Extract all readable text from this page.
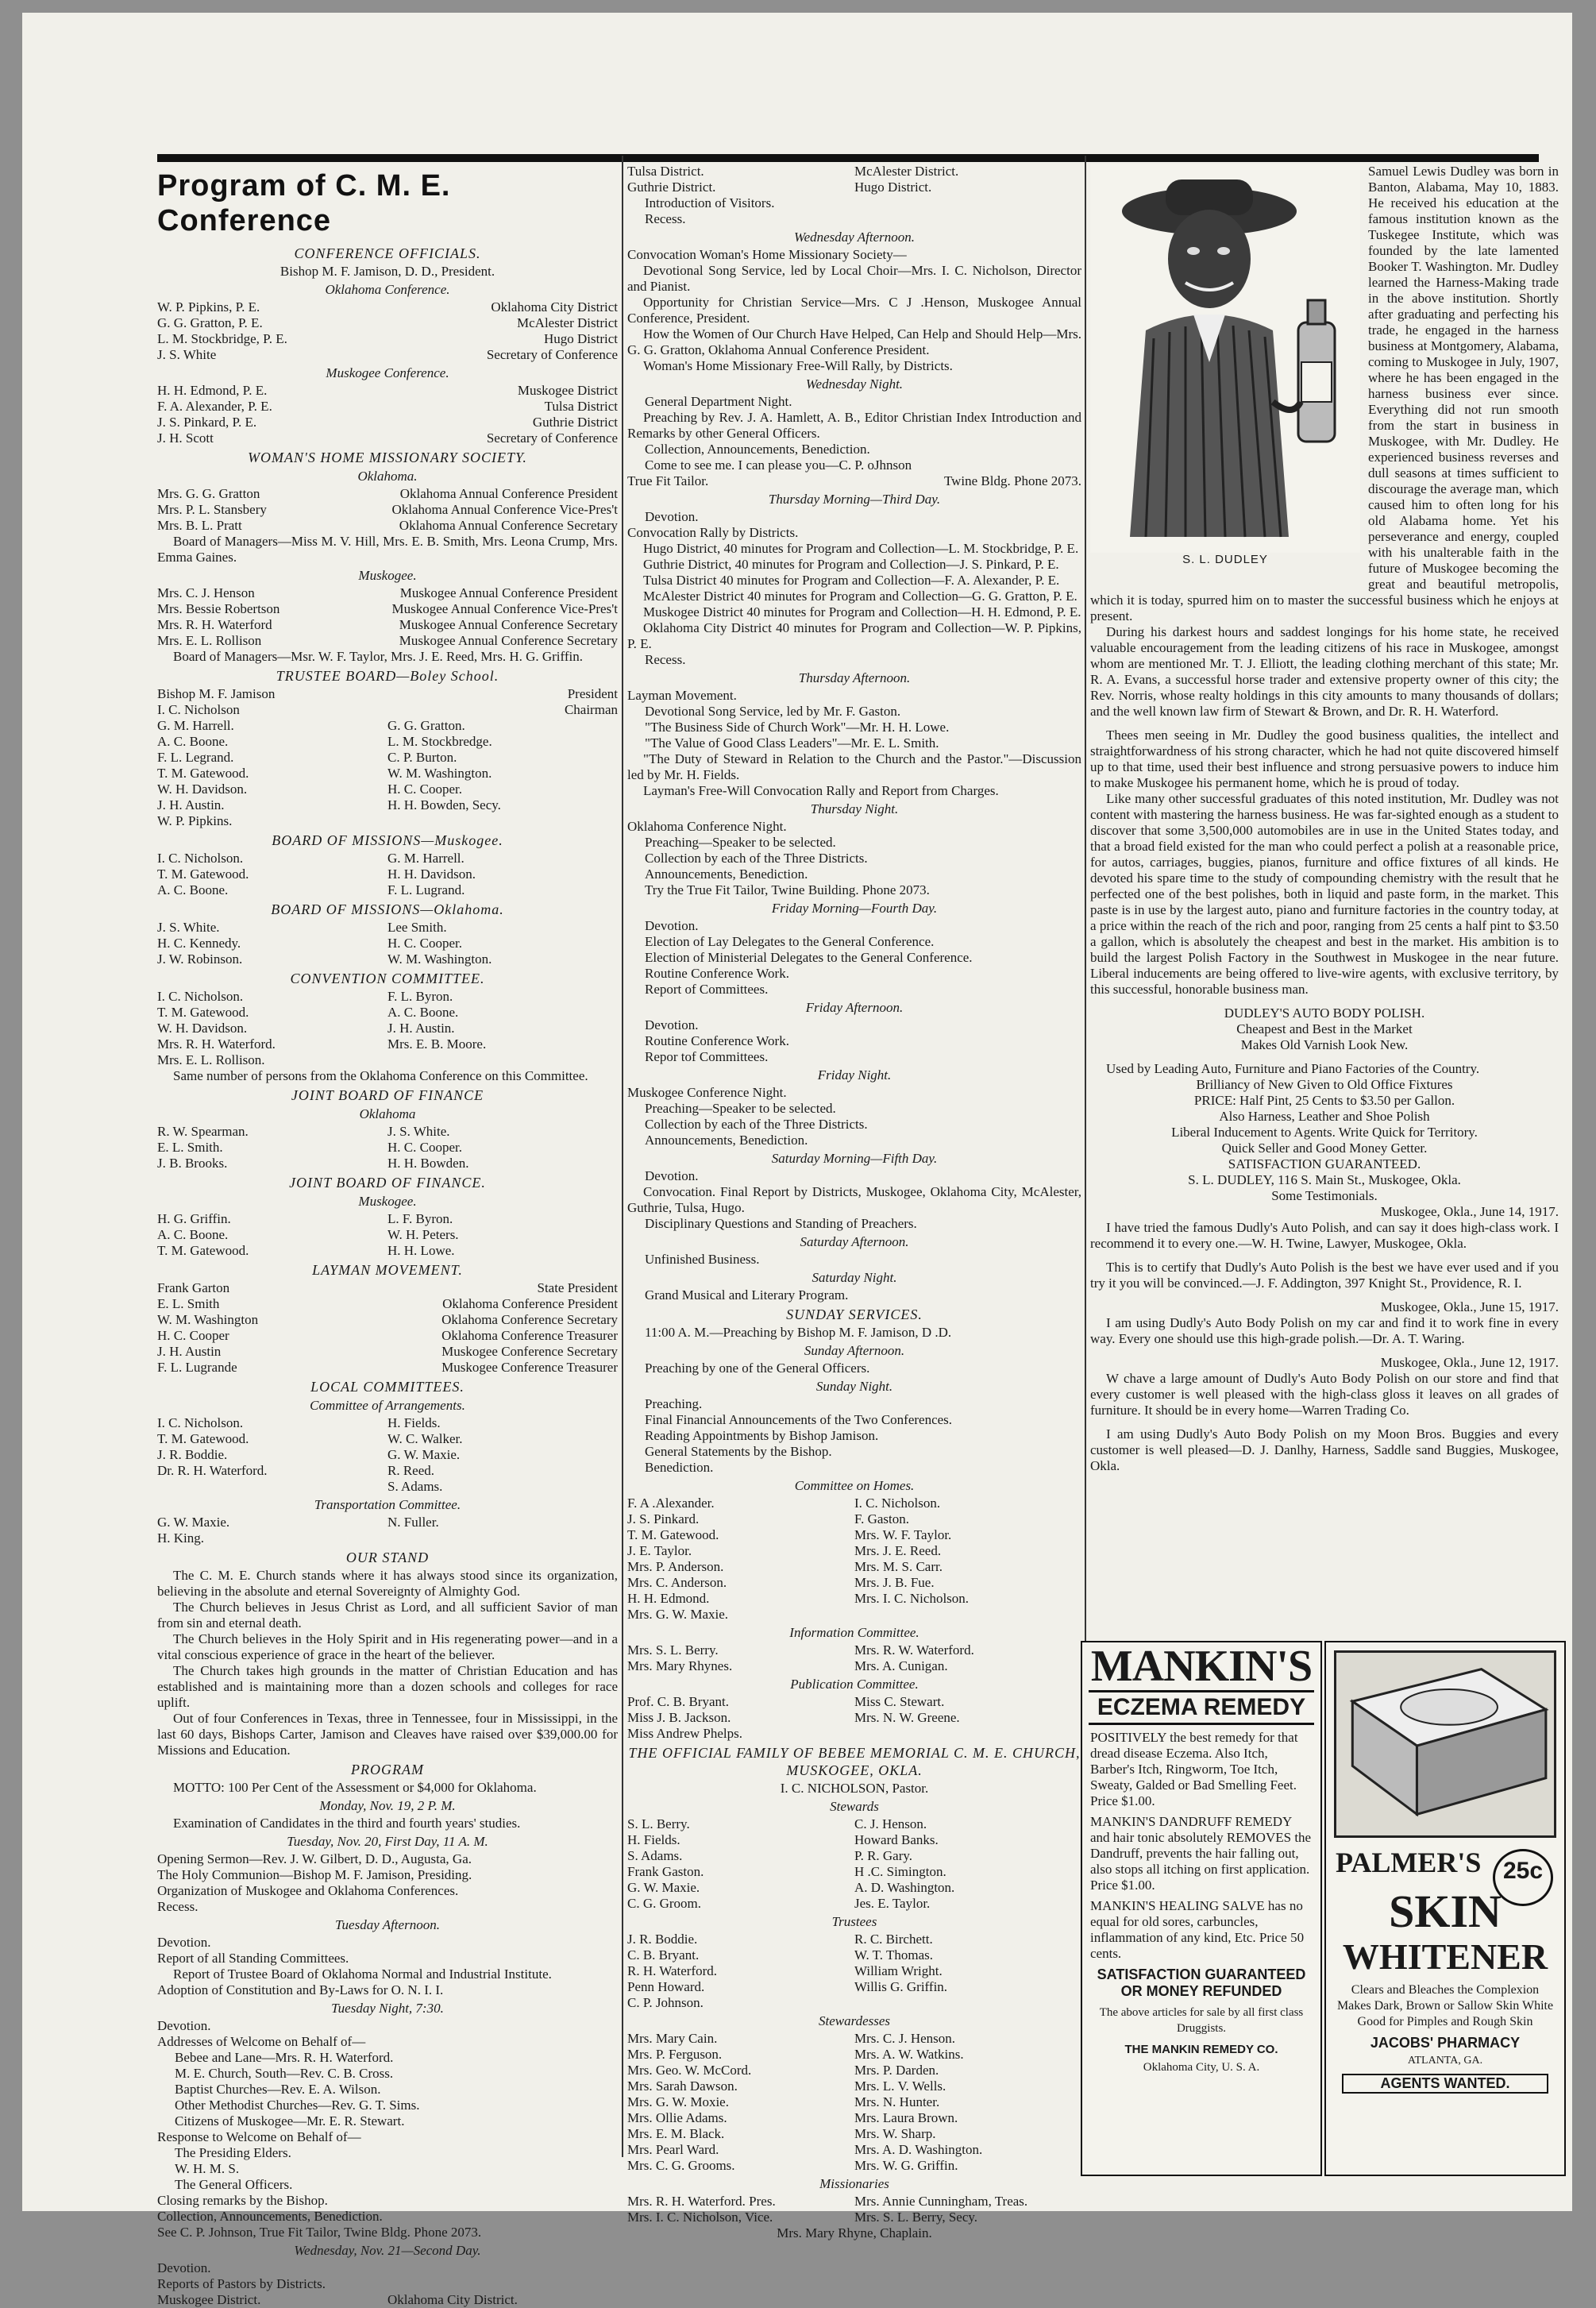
Program of C. M. E. Conference

CONFERENCE OFFICIALS.

Bishop M. F. Jamison, D. D., President.

Oklahoma Conference.

W. P. Pipkins, P. E.	Oklahoma City District
G. G. Gratton, P. E.	McAlester District
L. M. Stockbridge, P. E.	Hugo District
J. S. White	Secretary of Conference

Muskogee Conference.

H. H. Edmond, P. E.	Muskogee District
F. A. Alexander, P. E.	Tulsa District
J. S. Pinkard, P. E.	Guthrie District
J. H. Scott	Secretary of Conference

WOMAN'S HOME MISSIONARY SOCIETY.

Oklahoma.

Mrs. G. G. Gratton	Oklahoma Annual Conference President
Mrs. P. L. Stansbery	Oklahoma Annual Conference Vice-Pres't
Mrs. B. L. Pratt	Oklahoma Annual Conference Secretary

Board of Managers—Miss M. V. Hill, Mrs. E. B. Smith, Mrs. Leona Crump, Mrs. Emma Gaines.

Muskogee.

Mrs. C. J. Henson	Muskogee Annual Conference President
Mrs. Bessie Robertson	Muskogee Annual Conference Vice-Pres't
Mrs. R. H. Waterford	Muskogee Annual Conference Secretary
Mrs. E. L. Rollison	Muskogee Annual Conference Secretary

Board of Managers—Msr. W. F. Taylor, Mrs. J. E. Reed, Mrs. H. G. Griffin.

TRUSTEE BOARD—Boley School.

Bishop M. F. Jamison	President
I. C. Nicholson	Chairman
G. M. Harrell.	G. G. Gratton.
A. C. Boone.	L. M. Stockbredge.
F. L. Legrand.	C. P. Burton.
T. M. Gatewood.	W. M. Washington.
W. H. Davidson.	H. C. Cooper.
J. H. Austin.	H. H. Bowden, Secy.
W. P. Pipkins.

BOARD OF MISSIONS—Muskogee.

I. C. Nicholson.	G. M. Harrell.
T. M. Gatewood.	H. H. Davidson.
A. C. Boone.	F. L. Lugrand.

BOARD OF MISSIONS—Oklahoma.

J. S. White.	Lee Smith.
H. C. Kennedy.	H. C. Cooper.
J. W. Robinson.	W. M. Washington.

CONVENTION COMMITTEE.

I. C. Nicholson.	F. L. Byron.
T. M. Gatewood.	A. C. Boone.
W. H. Davidson.	J. H. Austin.
Mrs. R. H. Waterford.	Mrs. E. B. Moore.
Mrs. E. L. Rollison.

Same number of persons from the Oklahoma Conference on this Committee.

JOINT BOARD OF FINANCE

Oklahoma

R. W. Spearman.	J. S. White.
E. L. Smith.	H. C. Cooper.
J. B. Brooks.	H. H. Bowden.

JOINT BOARD OF FINANCE.

Muskogee.

H. G. Griffin.	L. F. Byron.
A. C. Boone.	W. H. Peters.
T. M. Gatewood.	H. H. Lowe.

LAYMAN MOVEMENT.

Frank Garton	State President
E. L. Smith	Oklahoma Conference President
W. M. Washington	Oklahoma Conference Secretary
H. C. Cooper	Oklahoma Conference Treasurer
J. H. Austin	Muskogee Conference Secretary
F. L. Lugrande	Muskogee Conference Treasurer

LOCAL COMMITTEES.

Committee of Arrangements.

I. C. Nicholson.	H. Fields.
T. M. Gatewood.	W. C. Walker.
J. R. Boddie.	G. W. Maxie.
Dr. R. H. Waterford.	R. Reed.
S. Adams.

Transportation Committee.

G. W. Maxie.	N. Fuller.
H. King.

OUR STAND

The C. M. E. Church stands where it has always stood since its organization, believing in the absolute and eternal Sovereignty of Almighty God.

The Church believes in Jesus Christ as Lord, and all sufficient Savior of man from sin and eternal death.

The Church believes in the Holy Spirit and in His regenerating power—and in a vital conscious experience of grace in the heart of the believer.

The Church takes high grounds in the matter of Christian Education and has established and is maintaining more than a dozen schools and colleges for race uplift.

Out of four Conferences in Texas, three in Tennessee, four in Mississippi, in the last 60 days, Bishops Carter, Jamison and Cleaves have raised over $39,000.00 for Missions and Education.

PROGRAM

MOTTO: 100 Per Cent of the Assessment or $4,000 for Oklahoma.

Monday, Nov. 19, 2 P. M.

Examination of Candidates in the third and fourth years' studies.

Tuesday, Nov. 20, First Day, 11 A. M.

Opening Sermon—Rev. J. W. Gilbert, D. D., Augusta, Ga.

The Holy Communion—Bishop M. F. Jamison, Presiding.

Organization of Muskogee and Oklahoma Conferences.

Recess.

Tuesday Afternoon.

Devotion.

Report of all Standing Committees.

Report of Trustee Board of Oklahoma Normal and Industrial Institute.

Adoption of Constitution and By-Laws for O. N. I. I.

Tuesday Night, 7:30.

Devotion.

Addresses of Welcome on Behalf of—

Bebee and Lane—Mrs. R. H. Waterford.

M. E. Church, South—Rev. C. B. Cross.

Baptist Churches—Rev. E. A. Wilson.

Other Methodist Churches—Rev. G. T. Sims.

Citizens of Muskogee—Mr. E. R. Stewart.

Response to Welcome on Behalf of—

The Presiding Elders.

W. H. M. S.

The General Officers.

Closing remarks by the Bishop.

Collection, Announcements, Benediction.

See C. P. Johnson, True Fit Tailor, Twine Bldg. Phone 2073.

Wednesday, Nov. 21—Second Day.

Devotion.

Reports of Pastors by Districts.

Muskogee District.	Oklahoma City District.
Tulsa District.	McAlester District.
Guthrie District.	Hugo District.

Introduction of Visitors.

Recess.

Wednesday Afternoon.

Convocation Woman's Home Missionary Society—

Devotional Song Service, led by Local Choir—Mrs. I. C. Nicholson, Director and Pianist.

Opportunity for Christian Service—Mrs. C J .Henson, Muskogee Annual Conference, President.

How the Women of Our Church Have Helped, Can Help and Should Help—Mrs. G. G. Gratton, Oklahoma Annual Conference President.

Woman's Home Missionary Free-Will Rally, by Districts.

Wednesday Night.

General Department Night.

Preaching by Rev. J. A. Hamlett, A. B., Editor Christian Index Introduction and Remarks by other General Officers.

Collection, Announcements, Benediction.

Come to see me. I can please you—C. P. oJhnson

True Fit Tailor.	Twine Bldg. Phone 2073.

Thursday Morning—Third Day.

Devotion.

Convocation Rally by Districts.

Hugo District, 40 minutes for Program and Collection—L. M. Stockbridge, P. E.

Guthrie District, 40 minutes for Program and Collection—J. S. Pinkard, P. E.

Tulsa District 40 minutes for Program and Collection—F. A. Alexander, P. E.

McAlester District 40 minutes for Program and Collection—G. G. Gratton, P. E.

Muskogee District 40 minutes for Program and Collection—H. H. Edmond, P. E.

Oklahoma City District 40 minutes for Program and Collection—W. P. Pipkins, P. E.

Recess.

Thursday Afternoon.

Layman Movement.

Devotional Song Service, led by Mr. F. Gaston.

"The Business Side of Church Work"—Mr. H. H. Lowe.

"The Value of Good Class Leaders"—Mr. E. L. Smith.

"The Duty of Steward in Relation to the Church and the Pastor."—Discussion led by Mr. H. Fields.

Layman's Free-Will Convocation Rally and Report from Charges.

Thursday Night.

Oklahoma Conference Night.

Preaching—Speaker to be selected.

Collection by each of the Three Districts.

Announcements, Benediction.

Try the True Fit Tailor, Twine Building. Phone 2073.

Friday Morning—Fourth Day.

Devotion.

Election of Lay Delegates to the General Conference.

Election of Ministerial Delegates to the General Conference.

Routine Conference Work.

Report of Committees.

Friday Afternoon.

Devotion.

Routine Conference Work.

Repor tof Committees.

Friday Night.

Muskogee Conference Night.

Preaching—Speaker to be selected.

Collection by each of the Three Districts.

Announcements, Benediction.

Saturday Morning—Fifth Day.

Devotion.

Convocation. Final Report by Districts, Muskogee, Oklahoma City, McAlester, Guthrie, Tulsa, Hugo.

Disciplinary Questions and Standing of Preachers.

Saturday Afternoon.

Unfinished Business.

Saturday Night.

Grand Musical and Literary Program.

SUNDAY SERVICES.

11:00 A. M.—Preaching by Bishop M. F. Jamison, D .D.

Sunday Afternoon.

Preaching by one of the General Officers.

Sunday Night.

Preaching.

Final Financial Announcements of the Two Conferences.

Reading Appointments by Bishop Jamison.

General Statements by the Bishop.

Benediction.

Committee on Homes.

F. A .Alexander.	I. C. Nicholson.
J. S. Pinkard.	F. Gaston.
T. M. Gatewood.	Mrs. W. F. Taylor.
J. E. Taylor.	Mrs. J. E. Reed.
Mrs. P. Anderson.	Mrs. M. S. Carr.
Mrs. C. Anderson.	Mrs. J. B. Fue.
H. H. Edmond.	Mrs. I. C. Nicholson.
Mrs. G. W. Maxie.

Information Committee.

Mrs. S. L. Berry.	Mrs. R. W. Waterford.
Mrs. Mary Rhynes.	Mrs. A. Cunigan.

Publication Committee.

Prof. C. B. Bryant.	Miss C. Stewart.
Miss J. B. Jackson.	Mrs. N. W. Greene.
Miss Andrew Phelps.

THE OFFICIAL FAMILY OF BEBEE MEMORIAL C. M. E. CHURCH, MUSKOGEE, OKLA.

I. C. NICHOLSON, Pastor.

Stewards

S. L. Berry.	C. J. Henson.
H. Fields.	Howard Banks.
S. Adams.	P. R. Gary.
Frank Gaston.	H .C. Simington.
G. W. Maxie.	A. D. Washington.
C. G. Groom.	Jes. E. Taylor.

Trustees

J. R. Boddie.	R. C. Birchett.
C. B. Bryant.	W. T. Thomas.
R. H. Waterford.	William Wright.
Penn Howard.	Willis G. Griffin.
C. P. Johnson.

Stewardesses

Mrs. Mary Cain.	Mrs. C. J. Henson.
Mrs. P. Ferguson.	Mrs. A. W. Watkins.
Mrs. Geo. W. McCord.	Mrs. P. Darden.
Mrs. Sarah Dawson.	Mrs. L. V. Wells.
Mrs. G. W. Moxie.	Mrs. N. Hunter.
Mrs. Ollie Adams.	Mrs. Laura Brown.
Mrs. E. M. Black.	Mrs. W. Sharp.
Mrs. Pearl Ward.	Mrs. A. D. Washington.
Mrs. C. G. Grooms.	Mrs. W. G. Griffin.

Missionaries

Mrs. R. H. Waterford. Pres.	Mrs. Annie Cunningham, Treas.
Mrs. I. C. Nicholson, Vice.	Mrs. S. L. Berry, Secy.

Mrs. Mary Rhyne, Chaplain.

S. L. DUDLEY

Samuel Lewis Dudley was born in Banton, Alabama, May 10, 1883. He received his education at the famous institution known as the Tuskegee Institute, which was founded by the late lamented Booker T. Washington. Mr. Dudley learned the Harness-Making trade in the above institution. Shortly after graduating and perfecting his trade, he engaged in the harness business at Montgomery, Alabama, coming to Muskogee in July, 1907, where he has been engaged in the harness business ever since. Everything did not run smooth from the start in business in Muskogee, with Mr. Dudley. He experienced business reverses and dull seasons at times sufficient to discourage the average man, which caused him to often long for his old Alabama home. Yet his perseverance and energy, coupled with his unalterable faith in the future of Muskogee becoming the great and beautiful metropolis, which it is today, spurred him on to master the successful business which he enjoys at present.

During his darkest hours and saddest longings for his home state, he received valuable encouragement from the leading citizens of his race in Muskogee, amongst whom are mentioned Mr. T. J. Elliott, the leading clothing merchant of this state; Mr. R. A. Evans, a successful horse trader and extensive property owner of this city; the Rev. Norris, whose realty holdings in this city amounts to many thousands of dollars; and the well known law firm of Stewart & Brown, and Dr. R. H. Waterford.

Thees men seeing in Mr. Dudley the good business qualities, the intellect and straightforwardness of his strong character, which he had not quite discovered himself up to that time, used their best influence and strong persuasive powers to induce him to make Muskogee his permanent home, which he is proud of today.

Like many other successful graduates of this noted institution, Mr. Dudley was not content with mastering the harness business. He was far-sighted enough as a student to discover that some 3,500,000 automobiles are in use in the United States today, and that a broad field existed for the man who could perfect a polish at a reasonable price, for autos, carriages, buggies, pianos, furniture and office fixtures of all kinds. He devoted his spare time to the study of compounding chemistry with the result that he perfected one of the best polishes, both in liquid and paste form, in the market. This paste is in use by the largest auto, piano and furniture factories in the country today, at a price within the reach of the rich and poor, ranging from 25 cents a half pint to $3.50 a gallon, which is absolutely the cheapest and best in the market. His ambition is to build the largest Polish Factory in the Southwest in Muskogee in the near future. Liberal inducements are being offered to live-wire agents, with exclusive territory, by this successful, honorable business man.

DUDLEY'S AUTO BODY POLISH.

Cheapest and Best in the Market

Makes Old Varnish Look New.

Used by Leading Auto, Furniture and Piano Factories of the Country.

Brilliancy of New Given to Old Office Fixtures

PRICE: Half Pint, 25 Cents to $3.50 per Gallon.

Also Harness, Leather and Shoe Polish

Liberal Inducement to Agents. Write Quick for Territory.

Quick Seller and Good Money Getter.

SATISFACTION GUARANTEED.

S. L. DUDLEY, 116 S. Main St., Muskogee, Okla.

Some Testimonials.

Muskogee, Okla., June 14, 1917.

I have tried the famous Dudly's Auto Polish, and can say it does high-class work. I recommend it to every one.—W. H. Twine, Lawyer, Muskogee, Okla.

This is to certify that Dudly's Auto Polish is the best we have ever used and if you try it you will be convinced.—J. F. Addington, 397 Knight St., Providence, R. I.

Muskogee, Okla., June 15, 1917.

I am using Dudly's Auto Body Polish on my car and find it to work fine in every way. Every one should use this high-grade polish.—Dr. A. T. Waring.

Muskogee, Okla., June 12, 1917.

W chave a large amount of Dudly's Auto Body Polish on our store and find that every customer is well pleased with the high-class gloss it leaves on all grades of furniture. It should be in every home—Warren Trading Co.

I am using Dudly's Auto Body Polish on my Moon Bros. Buggies and every customer is well pleased—D. J. Danlhy, Harness, Saddle sand Buggies, Muskogee, Okla.

MANKIN'S
ECZEMA REMEDY

POSITIVELY the best remedy for that dread disease Eczema. Also Itch, Barber's Itch, Ringworm, Toe Itch, Sweaty, Galded or Bad Smelling Feet. Price $1.00.

MANKIN'S DANDRUFF REMEDY and hair tonic absolutely REMOVES the Dandruff, prevents the hair falling out, also stops all itching on first application. Price $1.00.

MANKIN'S HEALING SALVE has no equal for old sores, carbuncles, inflammation of any kind, Etc. Price 50 cents.

SATISFACTION GUARANTEED OR MONEY REFUNDED

The above articles for sale by all first class Druggists.

THE MANKIN REMEDY CO.

Oklahoma City, U. S. A.

PALMER'S 25c
SKIN
WHITENER

Clears and Bleaches the Complexion Makes Dark, Brown or Sallow Skin White Good for Pimples and Rough Skin

JACOBS' PHARMACY

ATLANTA, GA.

AGENTS WANTED.
